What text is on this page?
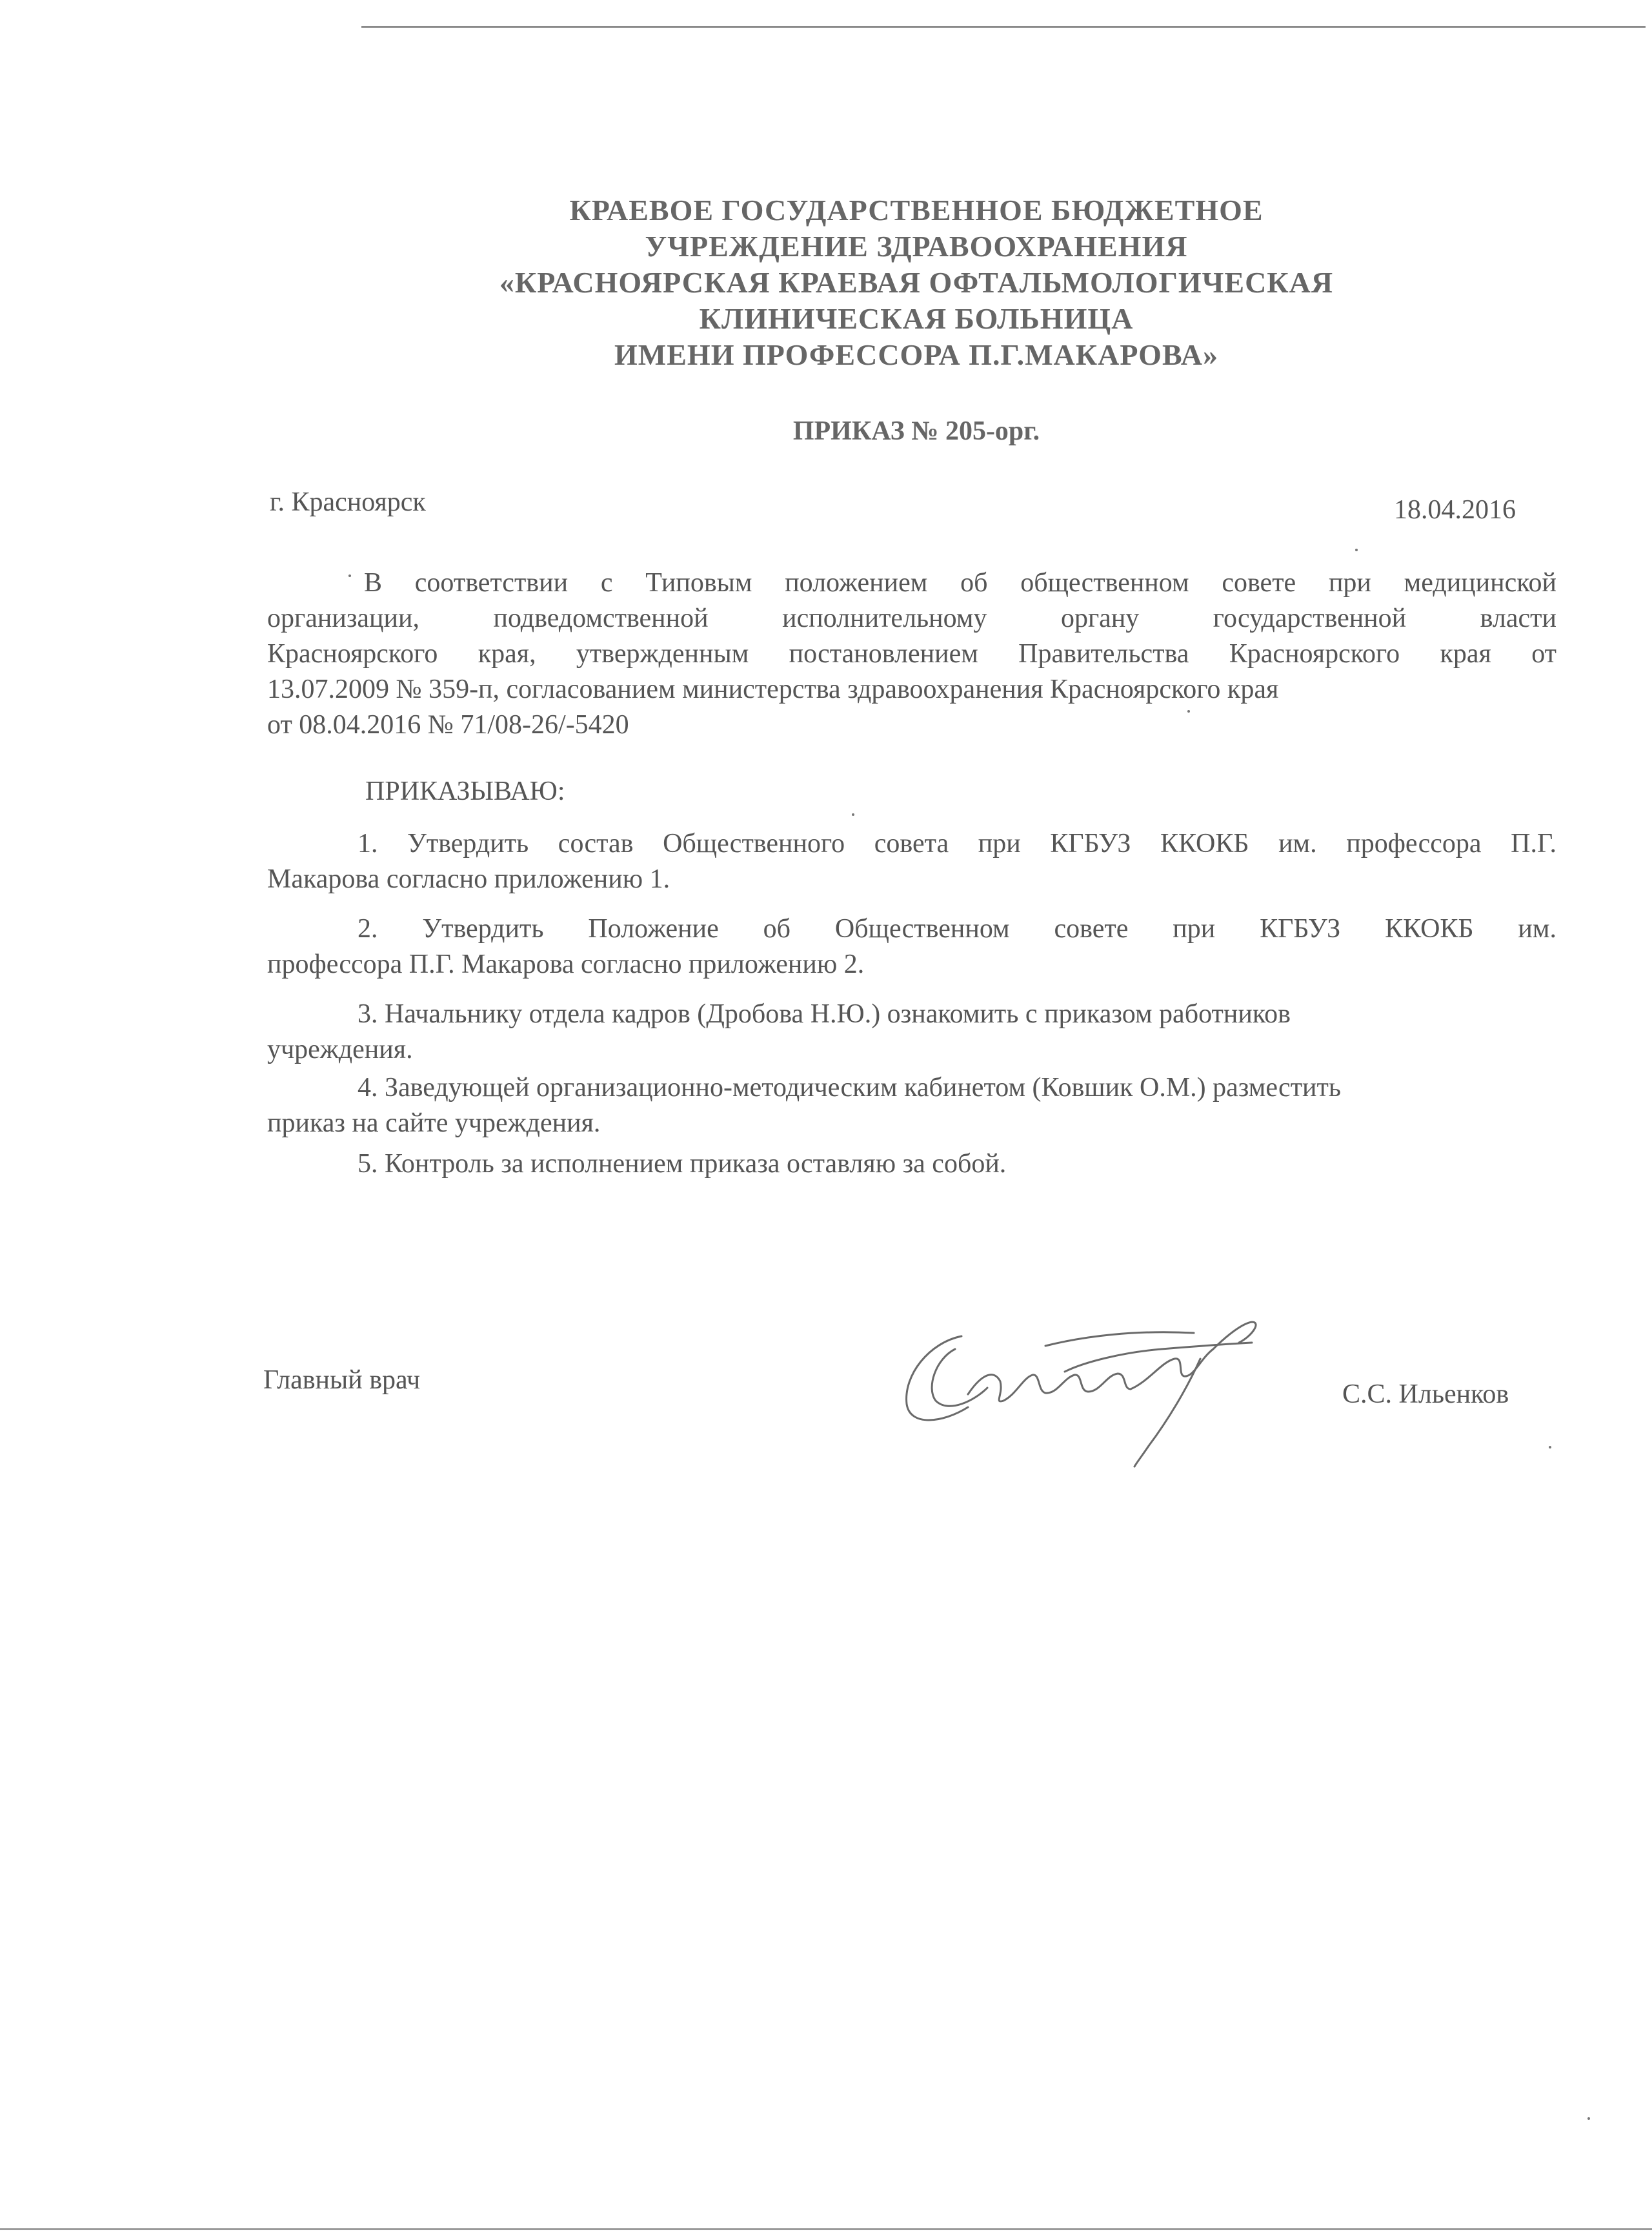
КРАЕВОЕ ГОСУДАРСТВЕННОЕ БЮДЖЕТНОЕ
УЧРЕЖДЕНИЕ ЗДРАВООХРАНЕНИЯ
«КРАСНОЯРСКАЯ КРАЕВАЯ ОФТАЛЬМОЛОГИЧЕСКАЯ
КЛИНИЧЕСКАЯ БОЛЬНИЦА
ИМЕНИ ПРОФЕССОРА П.Г.МАКАРОВА»
ПРИКАЗ № 205-орг.
г. Красноярск	18.04.2016
В соответствии с Типовым положением об общественном совете при медицинской
организации, подведомственной исполнительному органу государственной власти
Красноярского края, утвержденным постановлением Правительства Красноярского края от
13.07.2009 № 359-п, согласованием министерства здравоохранения Красноярского края
от 08.04.2016 № 71/08-26/-5420
ПРИКАЗЫВАЮ:
1. Утвердить состав Общественного совета при КГБУЗ ККОКБ им. профессора П.Г.
Макарова согласно приложению 1.
2. Утвердить Положение об Общественном совете при КГБУЗ ККОКБ им.
профессора П.Г. Макарова согласно приложению 2.
3. Начальнику отдела кадров (Дробова Н.Ю.) ознакомить с приказом работников
учреждения.
4. Заведующей организационно-методическим кабинетом (Ковшик О.М.) разместить
приказ на сайте учреждения.
5. Контроль за исполнением приказа оставляю за собой.
Главный врач	С.С. Ильенков
